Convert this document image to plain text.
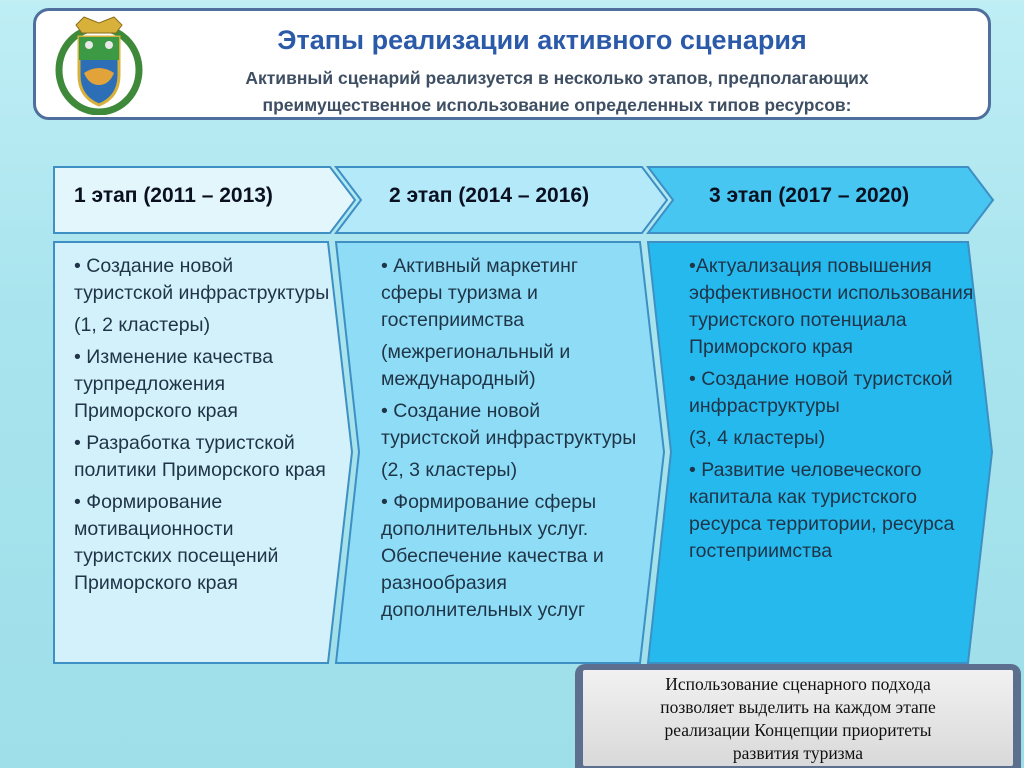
Этапы реализации активного сценария
Активный сценарий реализуется в несколько этапов, предполагающих
преимущественное использование определенных типов ресурсов:
1 этап (2011 – 2013)	2 этап (2014 – 2016)	3 этап (2017 – 2020)

• Создание новой туристской инфраструктуры

(1, 2 кластеры)

• Изменение качества турпредложения Приморского края

• Разработка туристской политики Приморского края

• Формирование мотивационности туристских посещений Приморского края

• Активный маркетинг сферы туризма и гостеприимства

(межрегиональный и международный)

• Создание новой туристской инфраструктуры

(2, 3 кластеры)

• Формирование сферы дополнительных услуг. Обеспечение качества и разнообразия дополнительных услуг

•Актуализация повышения эффективности использования туристского потенциала Приморского края

• Создание новой туристской инфраструктуры

(3, 4 кластеры)

• Развитие человеческого капитала как туристского ресурса территории, ресурса гостеприимства

Использование сценарного подхода
позволяет выделить на каждом этапе
реализации Концепции приоритеты
развития туризма
